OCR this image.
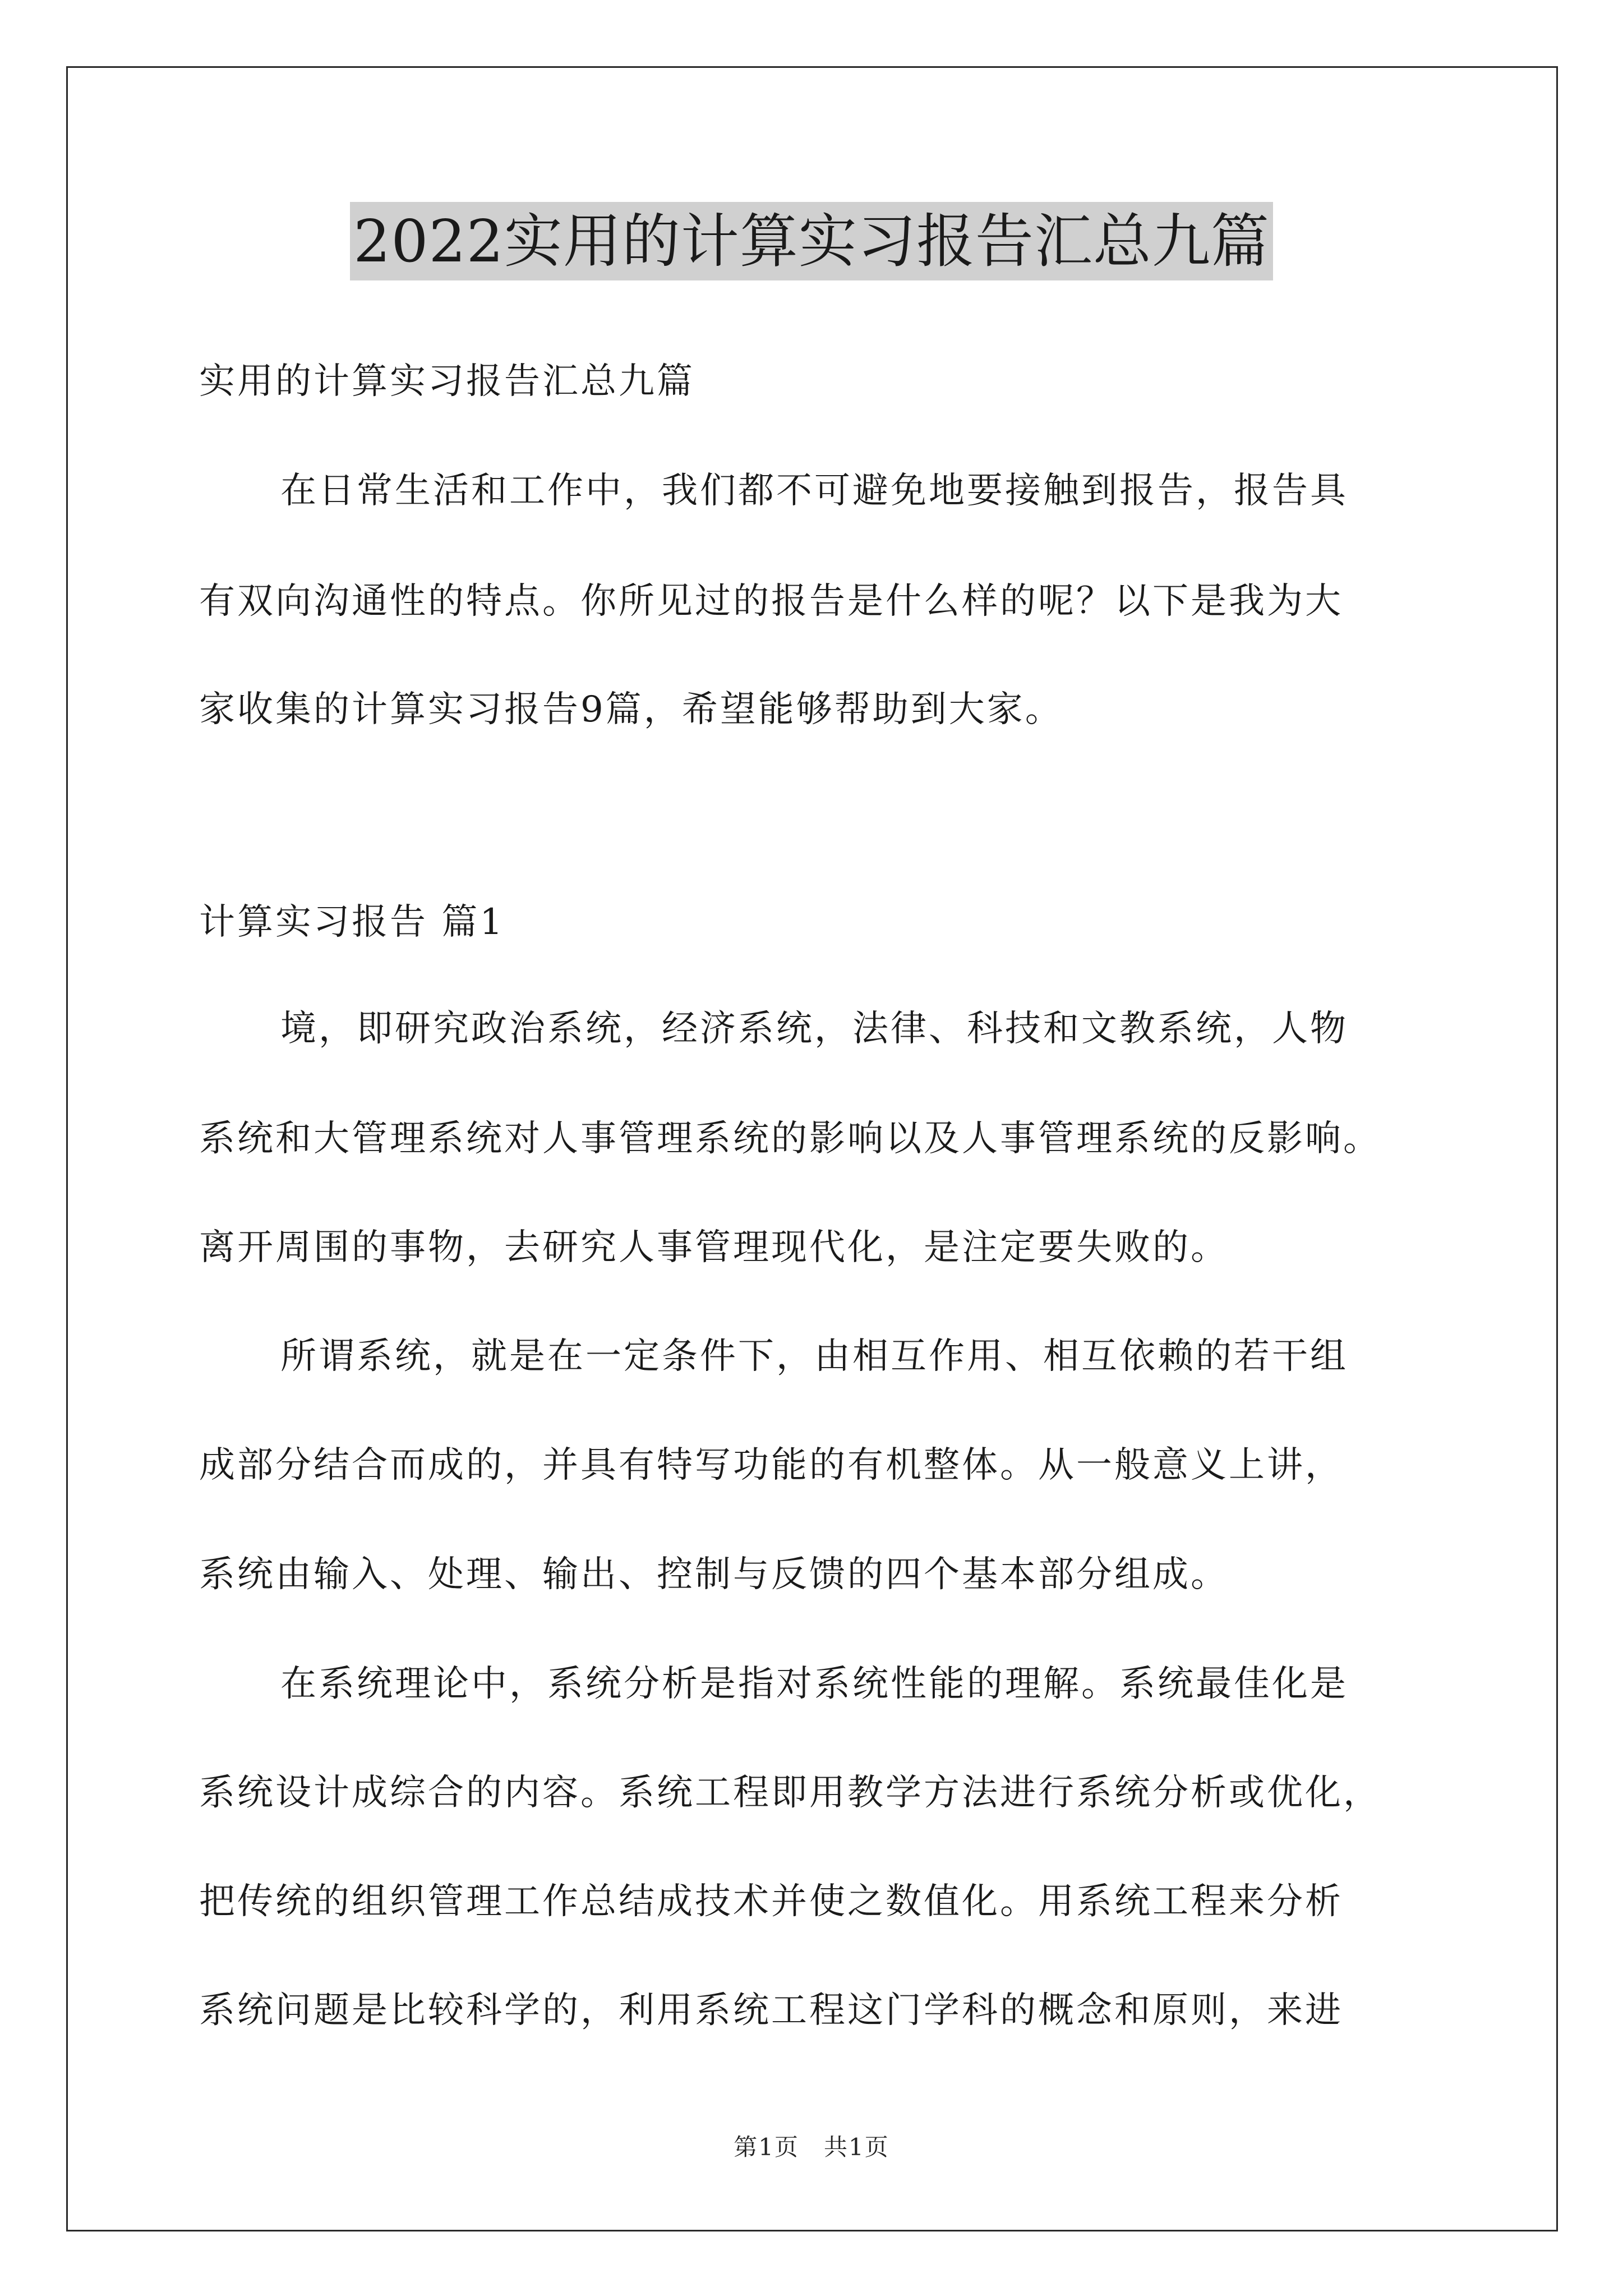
2022实用的计算实习报告汇总九篇
实用的计算实习报告汇总九篇
在日常生活和工作中，我们都不可避免地要接触到报告，报告具
有双向沟通性的特点。你所见过的报告是什么样的呢？以下是我为大
家收集的计算实习报告9篇，希望能够帮助到大家。
计算实习报告 篇1
境，即研究政治系统，经济系统，法律、科技和文教系统，人物
系统和大管理系统对人事管理系统的影响以及人事管理系统的反影响。
离开周围的事物，去研究人事管理现代化，是注定要失败的。
所谓系统，就是在一定条件下，由相互作用、相互依赖的若干组
成部分结合而成的，并具有特写功能的有机整体。从一般意义上讲，
系统由输入、处理、输出、控制与反馈的四个基本部分组成。
在系统理论中，系统分析是指对系统性能的理解。系统最佳化是
系统设计成综合的内容。系统工程即用教学方法进行系统分析或优化，
把传统的组织管理工作总结成技术并使之数值化。用系统工程来分析
系统问题是比较科学的，利用系统工程这门学科的概念和原则，来进
第1页　共1页
